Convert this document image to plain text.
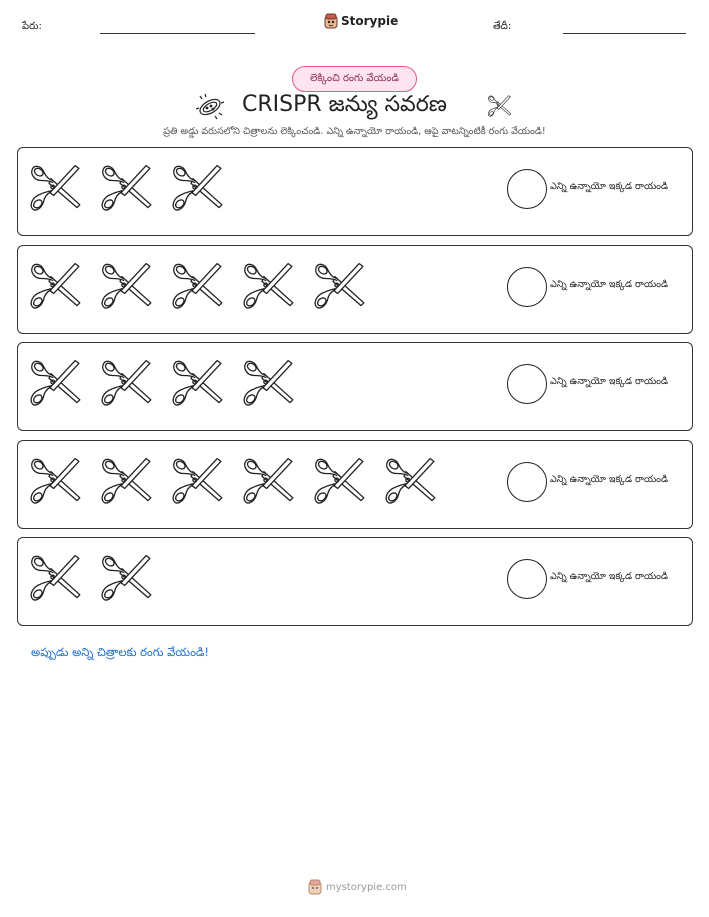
పేరు:	Storypie	తేదీ:
లెక్కించి రంగు వేయండి
CRISPR జన్యు సవరణ
ప్రతి అడ్డు వరుసలోని చిత్రాలను లెక్కించండి. ఎన్ని ఉన్నాయో రాయండి, ఆపై వాటన్నింటికీ రంగు వేయండి!
ఎన్ని ఉన్నాయో ఇక్కడ రాయండి
ఎన్ని ఉన్నాయో ఇక్కడ రాయండి
ఎన్ని ఉన్నాయో ఇక్కడ రాయండి
ఎన్ని ఉన్నాయో ఇక్కడ రాయండి
ఎన్ని ఉన్నాయో ఇక్కడ రాయండి
అప్పుడు అన్ని చిత్రాలకు రంగు వేయండి!
mystorypie.com
